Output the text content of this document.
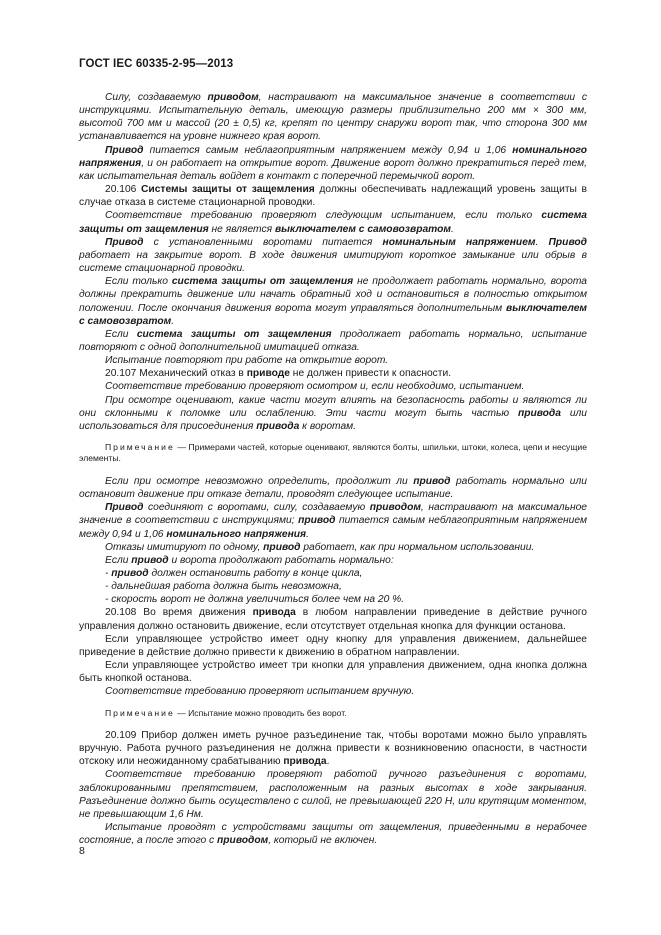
ГОСТ IEC 60335-2-95—2013

Силу, создаваемую приводом, настраивают на максимальное значение в соответствии с инструкциями. Испытательную деталь, имеющую размеры приблизительно 200 мм × 300 мм, высотой 700 мм и массой (20 ± 0,5) кг, крепят по центру снаружи ворот так, что сторона 300 мм устанавливается на уровне нижнего края ворот.

Привод питается самым неблагоприятным напряжением между 0,94 и 1,06 номинального напряжения, и он работает на открытие ворот. Движение ворот должно прекратиться перед тем, как испытательная деталь войдет в контакт с поперечной перемычкой ворот.

20.106 Системы защиты от защемления должны обеспечивать надлежащий уровень защиты в случае отказа в системе стационарной проводки.

Соответствие требованию проверяют следующим испытанием, если только система защиты от защемления не является выключателем с самовозвратом.

Привод с установленными воротами питается номинальным напряжением. Привод работает на закрытие ворот. В ходе движения имитируют короткое замыкание или обрыв в системе стационарной проводки.

Если только система защиты от защемления не продолжает работать нормально, ворота должны прекратить движение или начать обратный ход и остановиться в полностью открытом положении. После окончания движения ворота могут управляться дополнительным выключателем с самовозвратом.

Если система защиты от защемления продолжает работать нормально, испытание повторяют с одной дополнительной имитацией отказа.

Испытание повторяют при работе на открытие ворот.

20.107 Механический отказ в приводе не должен привести к опасности.

Соответствие требованию проверяют осмотром и, если необходимо, испытанием.

При осмотре оценивают, какие части могут влиять на безопасность работы и являются ли они склонными к поломке или ослаблению. Эти части могут быть частью привода или использоваться для присоединения привода к воротам.

Примечание — Примерами частей, которые оценивают, являются болты, шпильки, штоки, колеса, цепи и несущие элементы.

Если при осмотре невозможно определить, продолжит ли привод работать нормально или остановит движение при отказе детали, проводят следующее испытание.

Привод соединяют с воротами, силу, создаваемую приводом, настраивают на максимальное значение в соответствии с инструкциями; привод питается самым неблагоприятным напряжением между 0,94 и 1,06 номинального напряжения.

Отказы имитируют по одному, привод работает, как при нормальном использовании.

Если привод и ворота продолжают работать нормально:

- привод должен остановить работу в конце цикла,

- дальнейшая работа должна быть невозможна,

- скорость ворот не должна увеличиться более чем на 20 %.

20.108 Во время движения привода в любом направлении приведение в действие ручного управления должно остановить движение, если отсутствует отдельная кнопка для функции останова.

Если управляющее устройство имеет одну кнопку для управления движением, дальнейшее приведение в действие должно привести к движению в обратном направлении.

Если управляющее устройство имеет три кнопки для управления движением, одна кнопка должна быть кнопкой останова.

Соответствие требованию проверяют испытанием вручную.

Примечание — Испытание можно проводить без ворот.

20.109 Прибор должен иметь ручное разъединение так, чтобы воротами можно было управлять вручную. Работа ручного разъединения не должна привести к возникновению опасности, в частности отскоку или неожиданному срабатыванию привода.

Соответствие требованию проверяют работой ручного разъединения с воротами, заблокированными препятствием, расположенным на разных высотах в ходе закрывания. Разъединение должно быть осуществлено с силой, не превышающей 220 Н, или крутящим моментом, не превышающим 1,6 Нм.

Испытание проводят с устройствами защиты от защемления, приведенными в нерабочее состояние, а после этого с приводом, который не включен.

8
